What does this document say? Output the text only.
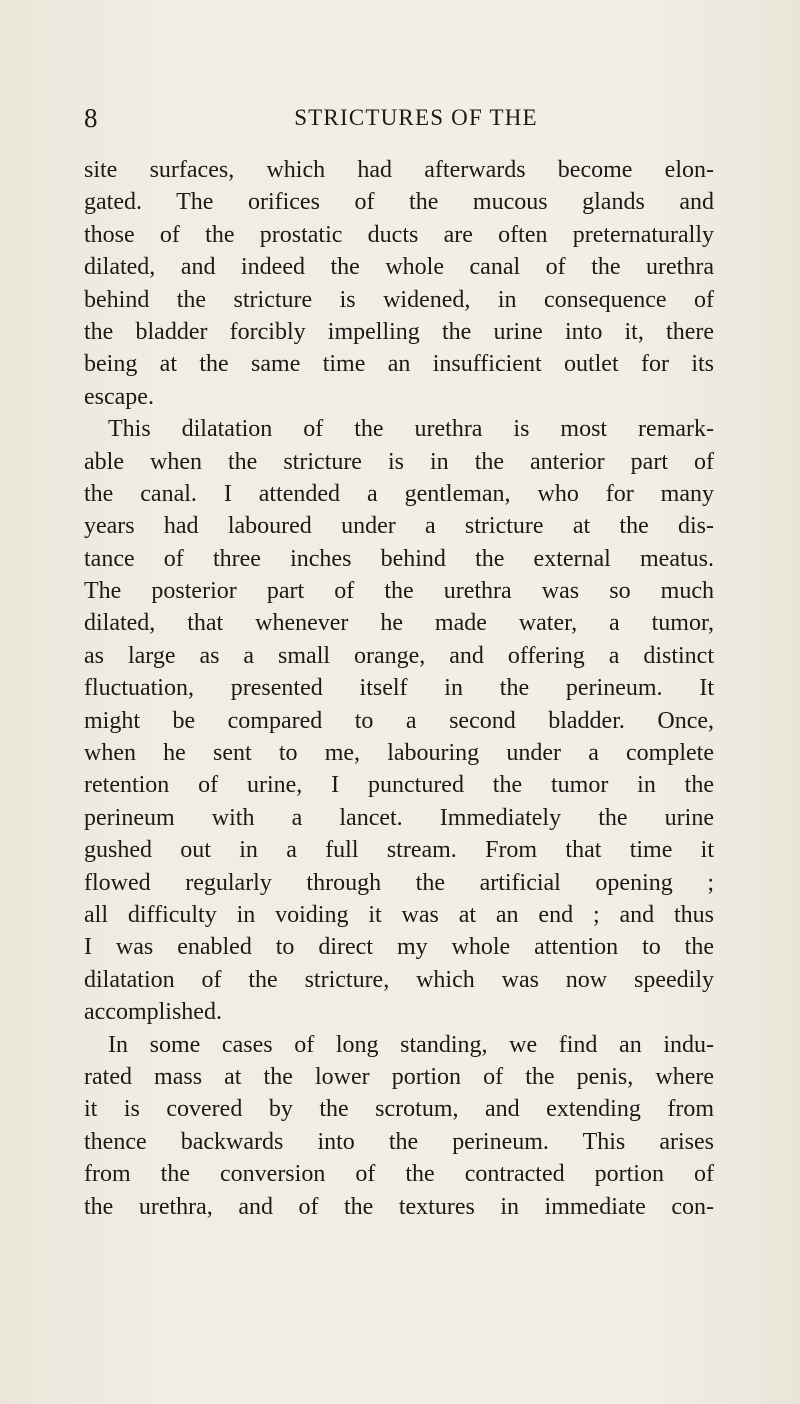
8	STRICTURES OF THE
site surfaces, which had afterwards become elon-
gated. The orifices of the mucous glands and
those of the prostatic ducts are often preternaturally
dilated, and indeed the whole canal of the urethra
behind the stricture is widened, in consequence of
the bladder forcibly impelling the urine into it, there
being at the same time an insufficient outlet for its
escape.
This dilatation of the urethra is most remark-
able when the stricture is in the anterior part of
the canal. I attended a gentleman, who for many
years had laboured under a stricture at the dis-
tance of three inches behind the external meatus.
The posterior part of the urethra was so much
dilated, that whenever he made water, a tumor,
as large as a small orange, and offering a distinct
fluctuation, presented itself in the perineum. It
might be compared to a second bladder. Once,
when he sent to me, labouring under a complete
retention of urine, I punctured the tumor in the
perineum with a lancet. Immediately the urine
gushed out in a full stream. From that time it
flowed regularly through the artificial opening ;
all difficulty in voiding it was at an end ; and thus
I was enabled to direct my whole attention to the
dilatation of the stricture, which was now speedily
accomplished.
In some cases of long standing, we find an indu-
rated mass at the lower portion of the penis, where
it is covered by the scrotum, and extending from
thence backwards into the perineum. This arises
from the conversion of the contracted portion of
the urethra, and of the textures in immediate con-
